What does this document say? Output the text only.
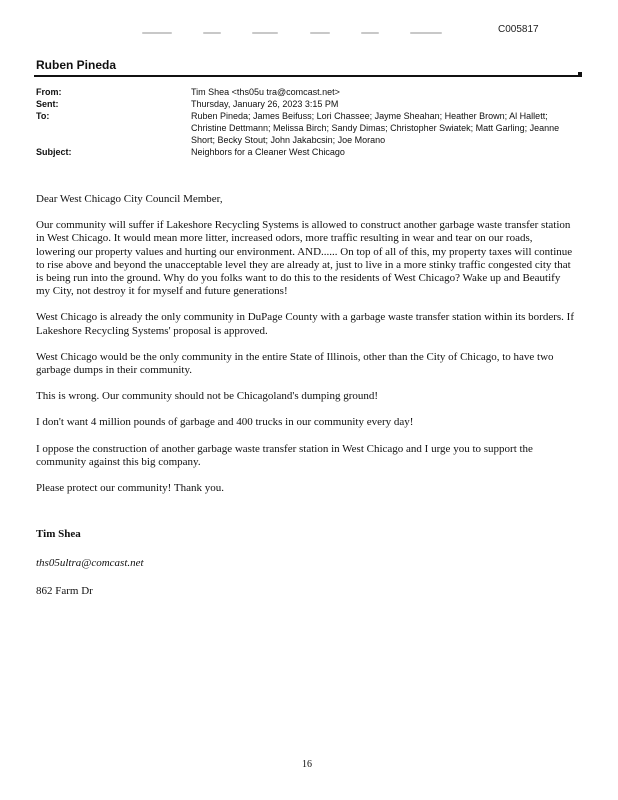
C005817
Ruben Pineda
From:	Tim Shea <ths05u tra@comcast.net>
Sent:	Thursday, January 26, 2023 3:15 PM
To:	Ruben Pineda; James Beifuss; Lori Chassee; Jayme Sheahan; Heather Brown; Al Hallett; Christine Dettmann; Melissa Birch; Sandy Dimas; Christopher Swiatek; Matt Garling; Jeanne Short; Becky Stout; John Jakabcsin; Joe Morano
Subject:	Neighbors for a Cleaner West Chicago

Dear West Chicago City Council Member,

Our community will suffer if Lakeshore Recycling Systems is allowed to construct another garbage waste transfer station in West Chicago. It would mean more litter, increased odors, more traffic resulting in wear and tear on our roads, lowering our property values and hurting our environment. AND...... On top of all of this, my property taxes will continue to rise above and beyond the unacceptable level they are already at, just to live in a more stinky traffic congested city that is being run into the ground. Why do you folks want to do this to the residents of West Chicago? Wake up and Beautify my City, not destroy it for myself and future generations!

West Chicago is already the only community in DuPage County with a garbage waste transfer station within its borders. If Lakeshore Recycling Systems' proposal is approved.

West Chicago would be the only community in the entire State of Illinois, other than the City of Chicago, to have two garbage dumps in their community.

This is wrong. Our community should not be Chicagoland's dumping ground!

I don't want 4 million pounds of garbage and 400 trucks in our community every day!

I oppose the construction of another garbage waste transfer station in West Chicago and I urge you to support the community against this big company.

Please protect our community! Thank you.

Tim Shea
ths05ultra@comcast.net
862 Farm Dr
16
